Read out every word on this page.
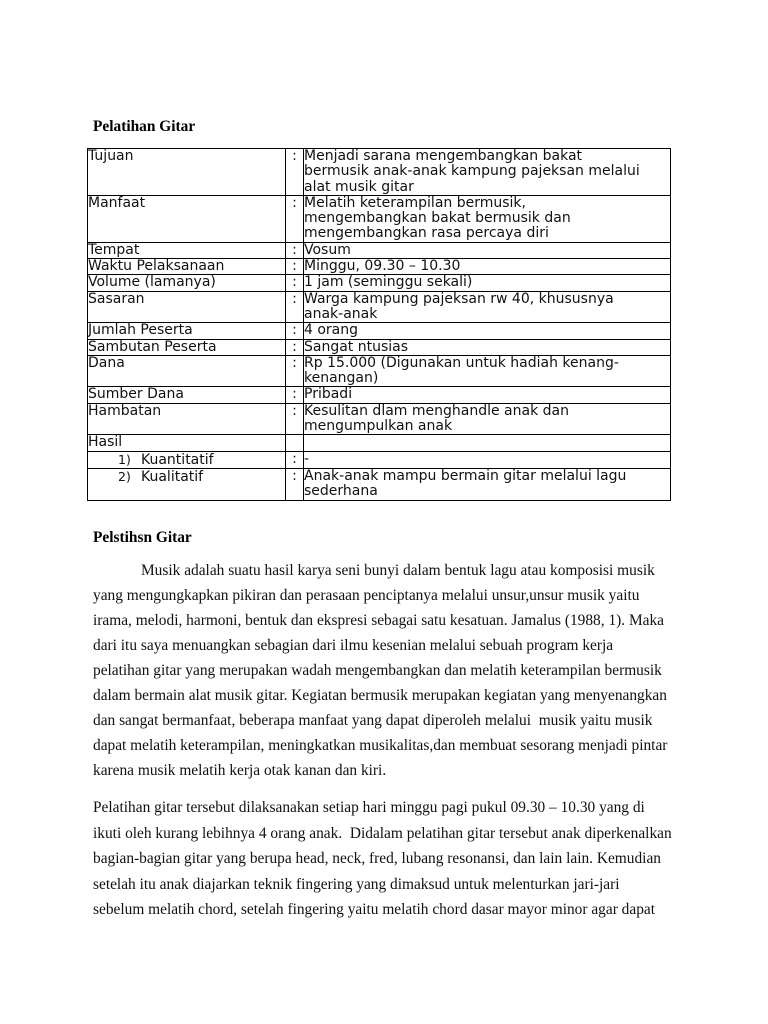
Pelatihan Gitar
Tujuan	:	Menjadi sarana mengembangkan bakat
bermusik anak-anak kampung pajeksan melalui
alat musik gitar

Manfaat	:	Melatih keterampilan bermusik,
mengembangkan bakat bermusik dan
mengembangkan rasa percaya diri

Tempat	:	Vosum

Waktu Pelaksanaan	:	Minggu, 09.30 – 10.30

Volume (lamanya)	:	1 jam (seminggu sekali)

Sasaran	:	Warga kampung pajeksan rw 40, khususnya
anak-anak

Jumlah Peserta	:	4 orang

Sambutan Peserta	:	Sangat ntusias

Dana	:	Rp 15.000 (Digunakan untuk hadiah kenang-
kenangan)

Sumber Dana	:	Pribadi

Hambatan	:	Kesulitan dlam menghandle anak dan
mengumpulkan anak

Hasil		
1) Kuantitatif	:	-

2) Kualitatif	:	Anak-anak mampu bermain gitar melalui lagu
sederhana
Pelstihsn Gitar
Musik adalah suatu hasil karya seni bunyi dalam bentuk lagu atau komposisi musik
yang mengungkapkan pikiran dan perasaan penciptanya melalui unsur,unsur musik yaitu
irama, melodi, harmoni, bentuk dan ekspresi sebagai satu kesatuan. Jamalus (1988, 1). Maka
dari itu saya menuangkan sebagian dari ilmu kesenian melalui sebuah program kerja
pelatihan gitar yang merupakan wadah mengembangkan dan melatih keterampilan bermusik
dalam bermain alat musik gitar. Kegiatan bermusik merupakan kegiatan yang menyenangkan
dan sangat bermanfaat, beberapa manfaat yang dapat diperoleh melalui  musik yaitu musik
dapat melatih keterampilan, meningkatkan musikalitas,dan membuat sesorang menjadi pintar
karena musik melatih kerja otak kanan dan kiri.
Pelatihan gitar tersebut dilaksanakan setiap hari minggu pagi pukul 09.30 – 10.30 yang di
ikuti oleh kurang lebihnya 4 orang anak.  Didalam pelatihan gitar tersebut anak diperkenalkan
bagian-bagian gitar yang berupa head, neck, fred, lubang resonansi, dan lain lain. Kemudian
setelah itu anak diajarkan teknik fingering yang dimaksud untuk melenturkan jari-jari
sebelum melatih chord, setelah fingering yaitu melatih chord dasar mayor minor agar dapat
